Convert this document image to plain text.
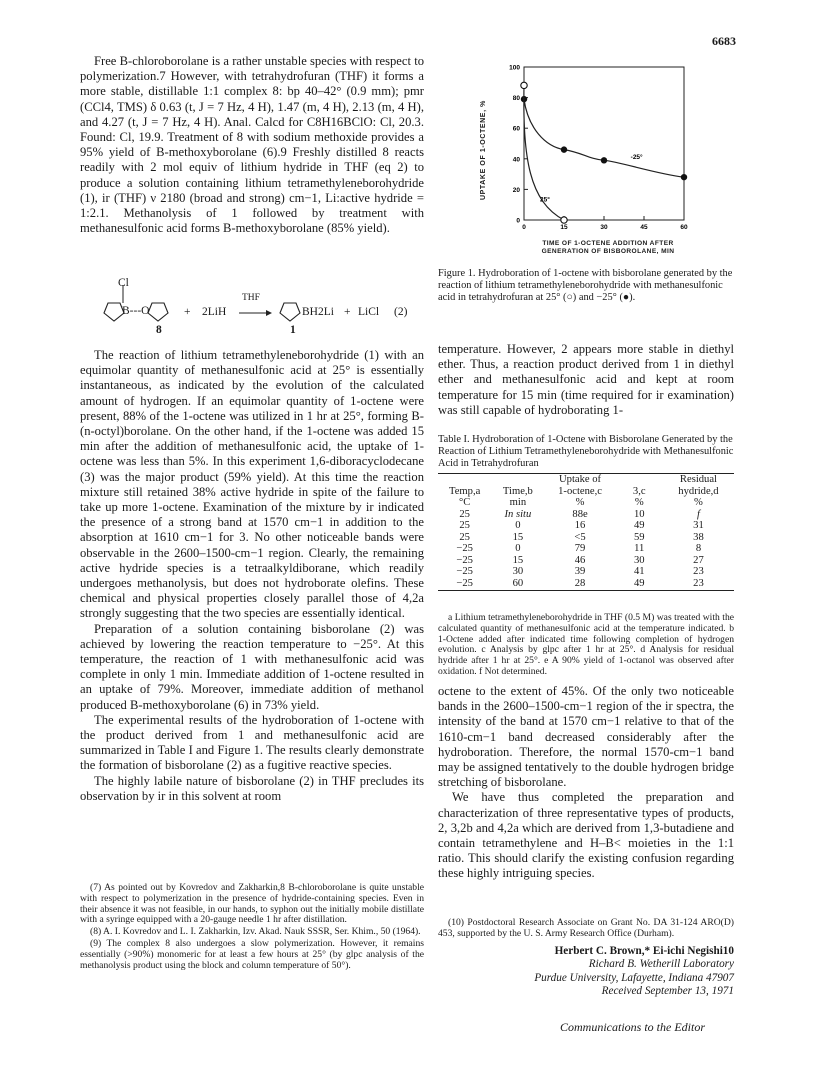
6683

Free B-chloroborolane is a rather unstable species with respect to polymerization.7 However, with tetrahydrofuran (THF) it forms a more stable, distillable 1:1 complex 8: bp 40–42° (0.9 mm); pmr (CCl4, TMS) δ 0.63 (t, J = 7 Hz, 4 H), 1.47 (m, 4 H), 2.13 (m, 4 H), and 4.27 (t, J = 7 Hz, 4 H). Anal. Calcd for C8H16BClO: Cl, 20.3. Found: Cl, 19.9. Treatment of 8 with sodium methoxide provides a 95% yield of B-methoxyborolane (6).9 Freshly distilled 8 reacts readily with 2 mol equiv of lithium hydride in THF (eq 2) to produce a solution containing lithium tetramethyleneborohydride (1), ir (THF) ν 2180 (broad and strong) cm−1, Li:active hydride = 1:2.1. Methanolysis of 1 followed by treatment with methanesulfonic acid forms B-methoxyborolane (85% yield).

Cl
B---O	+ 2LiH
THF
BH2Li + LiCl (2)
8	1

The reaction of lithium tetramethyleneborohydride (1) with an equimolar quantity of methanesulfonic acid at 25° is essentially instantaneous, as indicated by the evolution of the calculated amount of hydrogen. If an equimolar quantity of 1-octene were present, 88% of the 1-octene was utilized in 1 hr at 25°, forming B-(n-octyl)borolane. On the other hand, if the 1-octene was added 15 min after the addition of methanesulfonic acid, the uptake of 1-octene was less than 5%. In this experiment 1,6-diboracyclodecane (3) was the major product (59% yield). At this time the reaction mixture still retained 38% active hydride in spite of the failure to take up more 1-octene. Examination of the mixture by ir indicated the presence of a strong band at 1570 cm−1 in addition to the absorption at 1610 cm−1 for 3. No other noticeable bands were observable in the 2600–1500-cm−1 region. Clearly, the remaining active hydride species is a tetraalkyldiborane, which readily undergoes methanolysis, but does not hydroborate olefins. These chemical and physical properties closely parallel those of 4,2a strongly suggesting that the two species are essentially identical.

Preparation of a solution containing bisborolane (2) was achieved by lowering the reaction temperature to −25°. At this temperature, the reaction of 1 with methanesulfonic acid was complete in only 1 min. Immediate addition of 1-octene resulted in an uptake of 79%. Moreover, immediate addition of methanol produced B-methoxyborolane (6) in 73% yield.

The experimental results of the hydroboration of 1-octene with the product derived from 1 and methanesulfonic acid are summarized in Table I and Figure 1. The results clearly demonstrate the formation of bisborolane (2) as a fugitive reactive species.

The highly labile nature of bisborolane (2) in THF precludes its observation by ir in this solvent at room

(7) As pointed out by Kovredov and Zakharkin,8 B-chloroborolane is quite unstable with respect to polymerization in the presence of hydride-containing species. Even in their absence it was not feasible, in our hands, to syphon out the initially mobile distillate with a syringe equipped with a 20-gauge needle 1 hr after distillation.

(8) A. I. Kovredov and L. I. Zakharkin, Izv. Akad. Nauk SSSR, Ser. Khim., 50 (1964).

(9) The complex 8 also undergoes a slow polymerization. However, it remains essentially (>90%) monomeric for at least a few hours at 25° (by glpc analysis of the methanolysis product using the block and column temperature of 50°).

0
20
40
60
80
100
0	15	30	45	60
-25°
25°
UPTAKE OF 1-OCTENE, %
TIME OF 1-OCTENE ADDITION AFTER
GENERATION OF BISBOROLANE, MIN
Figure 1. Hydroboration of 1-octene with bisborolane generated by the reaction of lithium tetramethyleneborohydride with methanesulfonic acid in tetrahydrofuran at 25° (○) and −25° (●).

temperature. However, 2 appears more stable in diethyl ether. Thus, a reaction product derived from 1 in diethyl ether and methanesulfonic acid and kept at room temperature for 15 min (time required for ir examination) was still capable of hydroborating 1-

Table I. Hydroboration of 1-Octene with Bisborolane Generated by the Reaction of Lithium Tetramethyleneborohydride with Methanesulfonic Acid in Tetrahydrofuran
Temp,a
°C	Time,b
min	Uptake of
1-octene,c
%	3,c
%	Residual
hydride,d
%
25	In situ	88e	10	f
25	0	16	49	31
25	15	<5	59	38
−25	0	79	11	8
−25	15	46	30	27
−25	30	39	41	23
−25	60	28	49	23

a Lithium tetramethyleneborohydride in THF (0.5 M) was treated with the calculated quantity of methanesulfonic acid at the temperature indicated. b 1-Octene added after indicated time following completion of hydrogen evolution. c Analysis by glpc after 1 hr at 25°. d Analysis for residual hydride after 1 hr at 25°. e A 90% yield of 1-octanol was observed after oxidation. f Not determined.

octene to the extent of 45%. Of the only two noticeable bands in the 2600–1500-cm−1 region of the ir spectra, the intensity of the band at 1570 cm−1 relative to that of the 1610-cm−1 band decreased considerably after the hydroboration. Therefore, the normal 1570-cm−1 band may be assigned tentatively to the double hydrogen bridge stretching of bisborolane.

We have thus completed the preparation and characterization of three representative types of products, 2, 3,2b and 4,2a which are derived from 1,3-butadiene and contain tetramethylene and H–B< moieties in the 1:1 ratio. This should clarify the existing confusion regarding these highly intriguing species.

(10) Postdoctoral Research Associate on Grant No. DA 31-124 ARO(D) 453, supported by the U. S. Army Research Office (Durham).

Herbert C. Brown,* Ei-ichi Negishi10
Richard B. Wetherill Laboratory
Purdue University, Lafayette, Indiana 47907
Received September 13, 1971
Communications to the Editor
